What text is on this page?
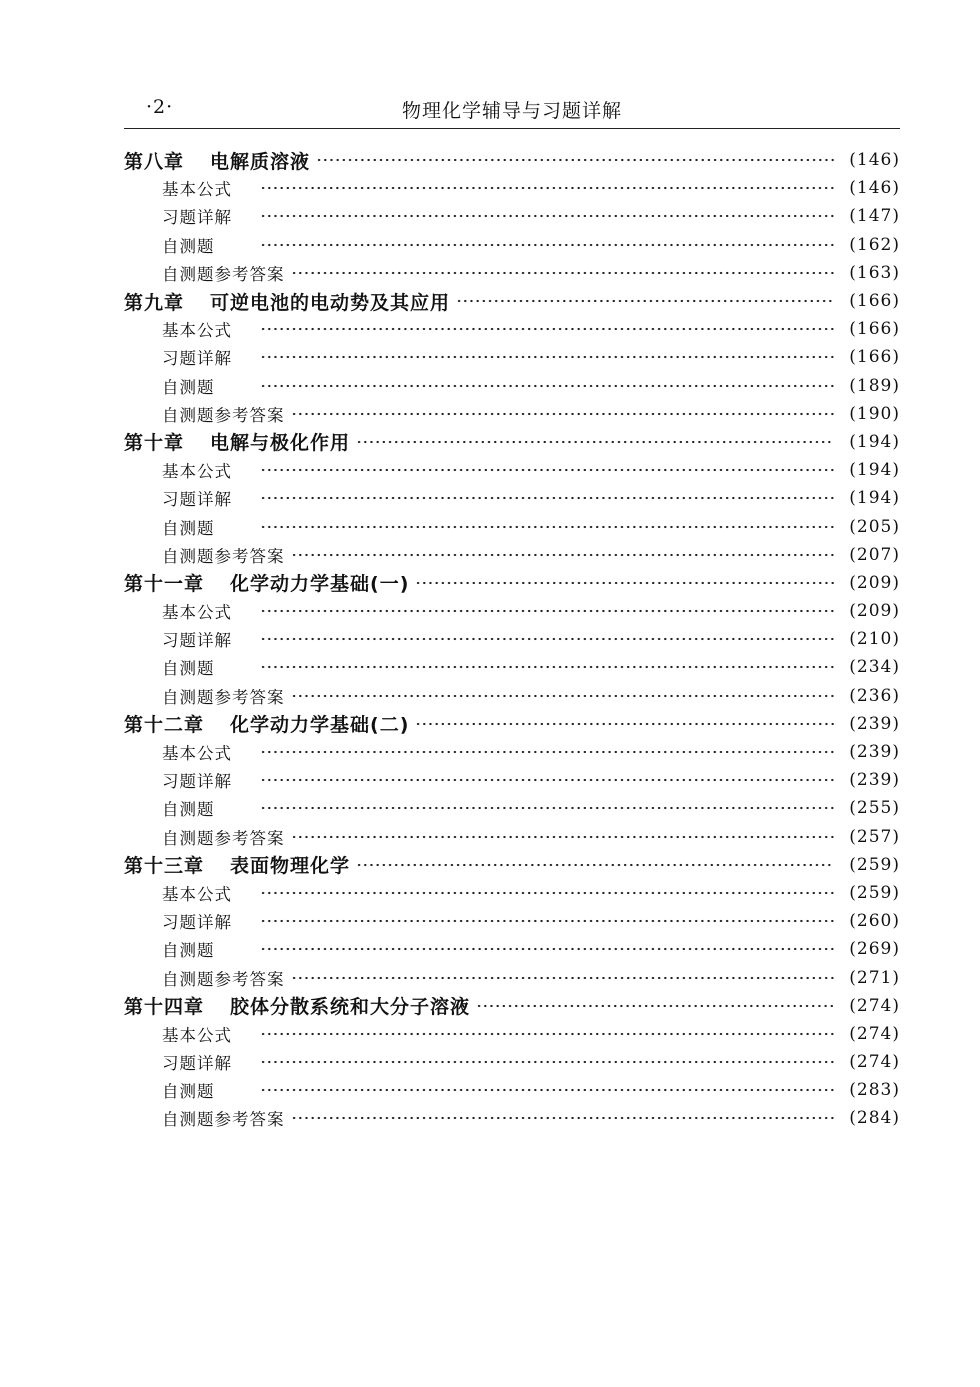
·2·	物理化学辅导与习题详解
第八章 电解质溶液	(146)
基本公式	(146)
习题详解	(147)
自测题	(162)
自测题参考答案	(163)
第九章 可逆电池的电动势及其应用	(166)
基本公式	(166)
习题详解	(166)
自测题	(189)
自测题参考答案	(190)
第十章 电解与极化作用	(194)
基本公式	(194)
习题详解	(194)
自测题	(205)
自测题参考答案	(207)
第十一章 化学动力学基础(一)	(209)
基本公式	(209)
习题详解	(210)
自测题	(234)
自测题参考答案	(236)
第十二章 化学动力学基础(二)	(239)
基本公式	(239)
习题详解	(239)
自测题	(255)
自测题参考答案	(257)
第十三章 表面物理化学	(259)
基本公式	(259)
习题详解	(260)
自测题	(269)
自测题参考答案	(271)
第十四章 胶体分散系统和大分子溶液	(274)
基本公式	(274)
习题详解	(274)
自测题	(283)
自测题参考答案	(284)
